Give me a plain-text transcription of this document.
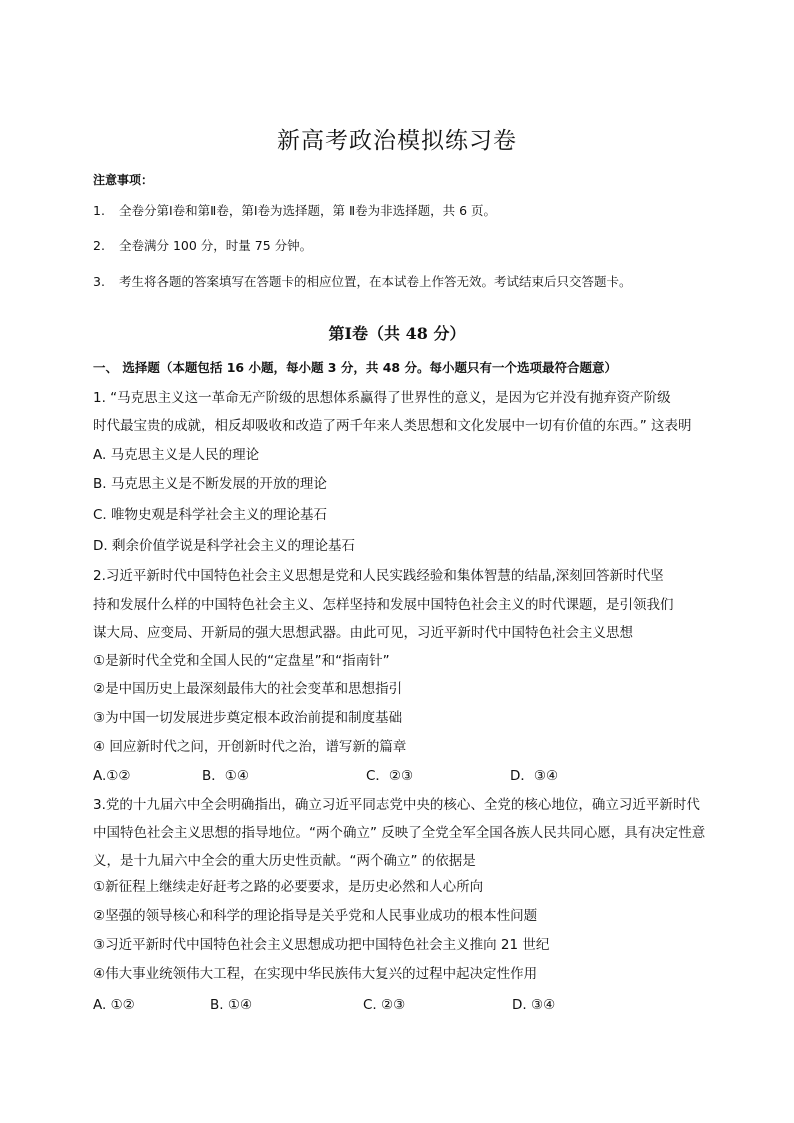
新高考政治模拟练习卷
注意事项：
1. 全卷分第Ⅰ卷和第Ⅱ卷，第Ⅰ卷为选择题，第 Ⅱ卷为非选择题，共 6 页。
2. 全卷满分 100 分，时量 75 分钟。
3. 考生将各题的答案填写在答题卡的相应位置，在本试卷上作答无效。考试结束后只交答题卡。
第Ⅰ卷（共 48 分）
一、 选择题（本题包括 16 小题，每小题 3 分，共 48 分。每小题只有一个选项最符合题意）
1. “马克思主义这一革命无产阶级的思想体系赢得了世界性的意义，是因为它并没有抛弃资产阶级
时代最宝贵的成就，相反却吸收和改造了两千年来人类思想和文化发展中一切有价值的东西。” 这表明
A. 马克思主义是人民的理论
B. 马克思主义是不断发展的开放的理论
C. 唯物史观是科学社会主义的理论基石
D. 剩余价值学说是科学社会主义的理论基石
2.习近平新时代中国特色社会主义思想是党和人民实践经验和集体智慧的结晶,深刻回答新时代坚
持和发展什么样的中国特色社会主义、怎样坚持和发展中国特色社会主义的时代课题，是引领我们
谋大局、应变局、开新局的强大思想武器。由此可见，习近平新时代中国特色社会主义思想
①是新时代全党和全国人民的“定盘星”和“指南针”
②是中国历史上最深刻最伟大的社会变革和思想指引
③为中国一切发展进步奠定根本政治前提和制度基础
④ 回应新时代之问，开创新时代之治，谱写新的篇章
A.①②	B．①④	C．②③	D．③④
3.党的十九届六中全会明确指出，确立习近平同志党中央的核心、全党的核心地位，确立习近平新时代
中国特色社会主义思想的指导地位。“两个确立” 反映了全党全军全国各族人民共同心愿，具有决定性意
义，是十九届六中全会的重大历史性贡献。“两个确立” 的依据是
①新征程上继续走好赶考之路的必要要求，是历史必然和人心所向
②坚强的领导核心和科学的理论指导是关乎党和人民事业成功的根本性问题
③习近平新时代中国特色社会主义思想成功把中国特色社会主义推向 21 世纪
④伟大事业统领伟大工程，在实现中华民族伟大复兴的过程中起决定性作用
A. ①②	B. ①④	C. ②③	D. ③④
